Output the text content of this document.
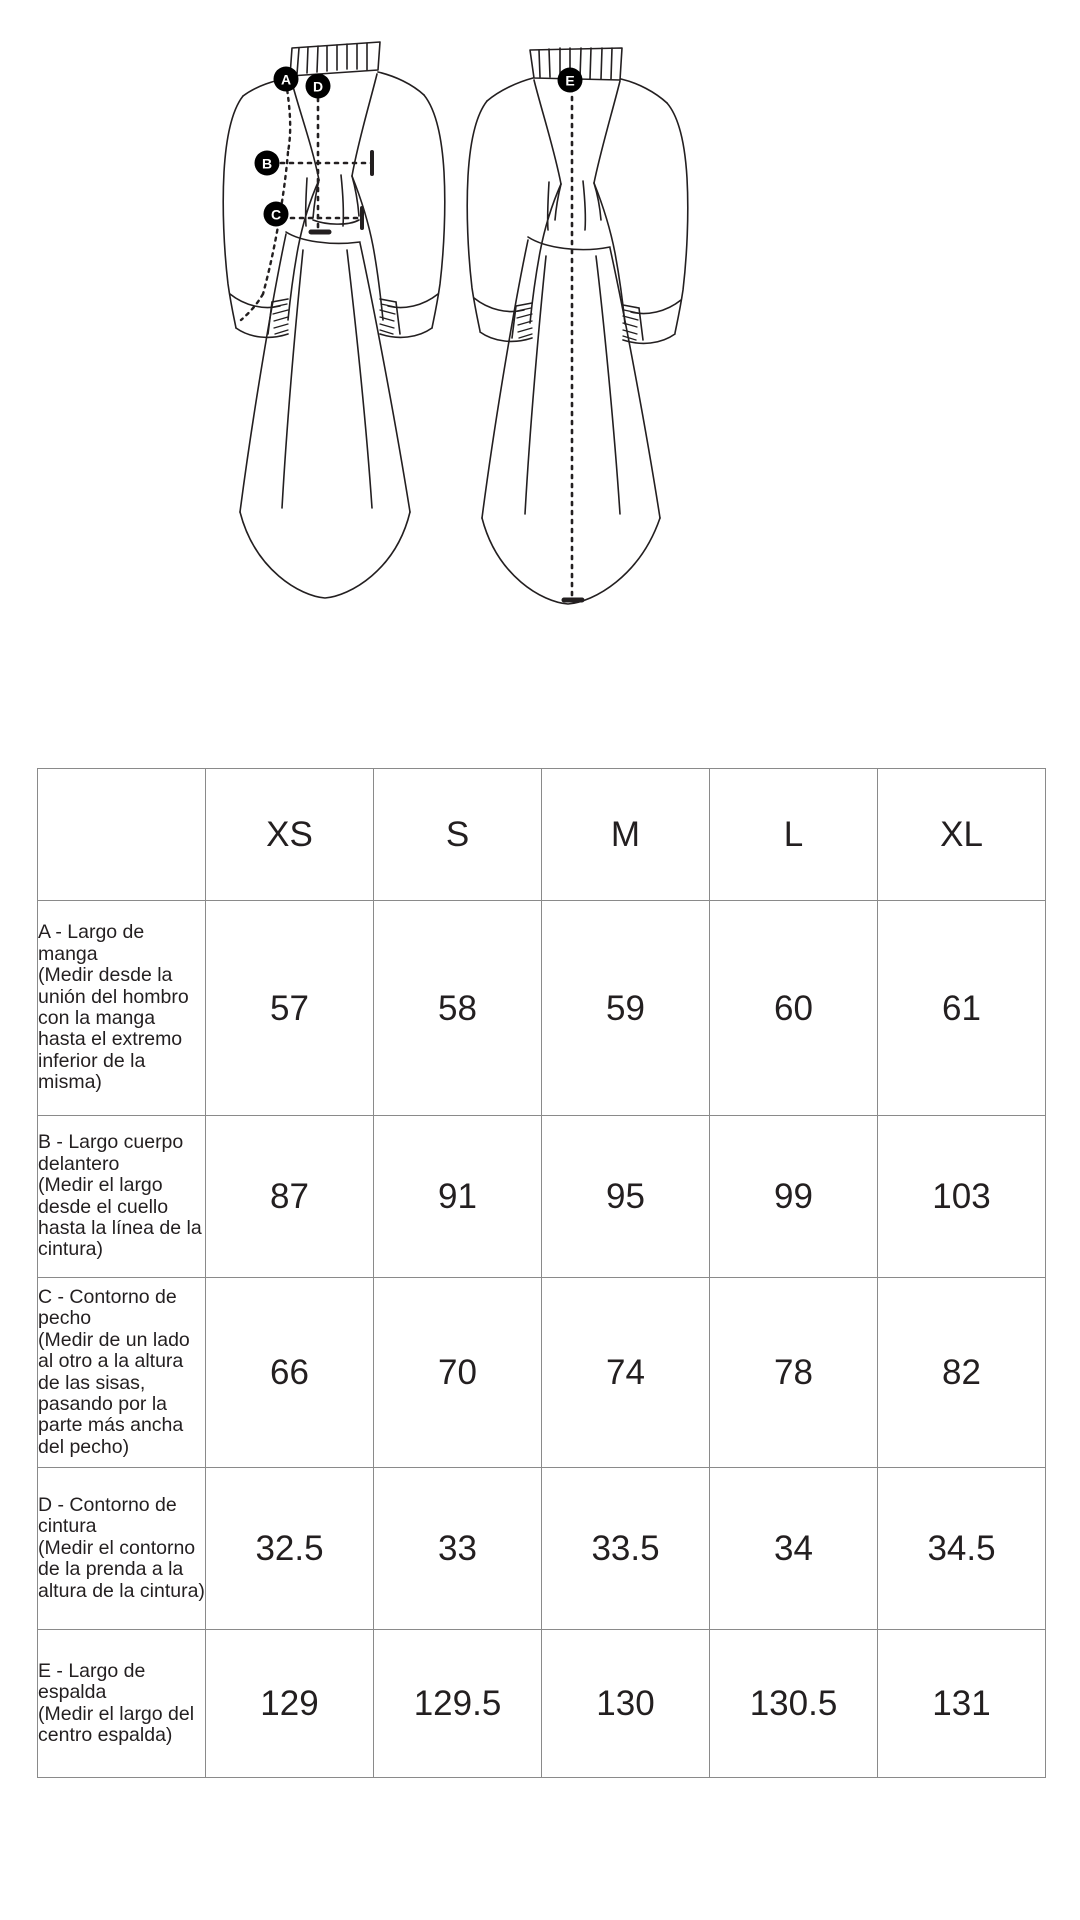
A D
B
C
E
	XS	S	M	L	XL
A - Largo de manga
(Medir desde la unión del hombro con la manga hasta el extremo inferior de la misma)	57	58	59	60	61
B - Largo cuerpo delantero
(Medir el largo desde el cuello hasta la línea de la cintura)	87	91	95	99	103
C - Contorno de pecho
(Medir de un lado al otro a la altura de las sisas, pasando por la parte más ancha del pecho)	66	70	74	78	82
D - Contorno de cintura
(Medir el contorno de la prenda a la altura de la cintura)	32.5	33	33.5	34	34.5
E - Largo de espalda
(Medir el largo del centro espalda)	129	129.5	130	130.5	131
